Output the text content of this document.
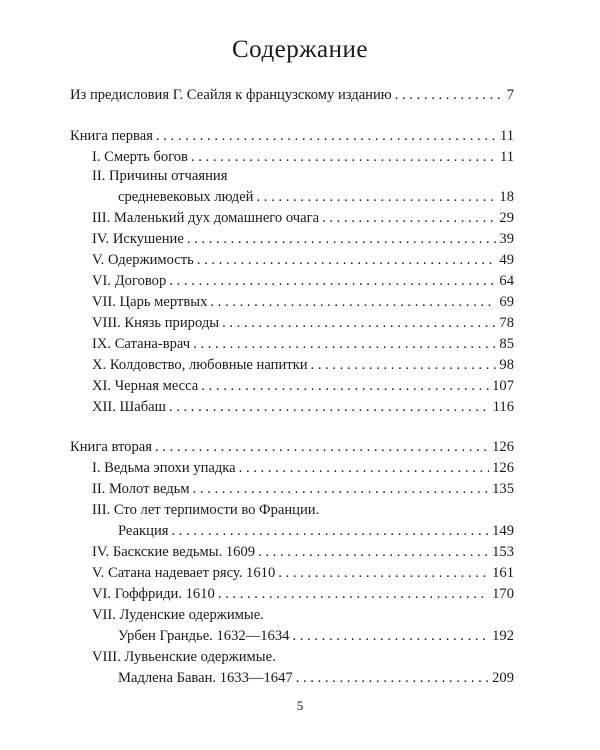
Содержание
Из предисловия Г. Сеайля к французскому изданию . . .	7
Книга первая . . .	11
I. Смерть богов . . .	11
II. Причины отчаяния
средневековых людей . . .	18
III. Маленький дух домашнего очага . . .	29
IV. Искушение . . .	39
V. Одержимость . . .	49
VI. Договор . . .	64
VII. Царь мертвых . . .	69
VIII. Князь природы . . .	78
IX. Сатана-врач . . .	85
X. Колдовство, любовные напитки . . .	98
XI. Черная месса . . .	107
XII. Шабаш . . .	116
Книга вторая . . .	126
I. Ведьма эпохи упадка . . .	126
II. Молот ведьм . . .	135
III. Сто лет терпимости во Франции.
Реакция . . .	149
IV. Баскские ведьмы. 1609 . . .	153
V. Сатана надевает рясу. 1610 . . .	161
VI. Гоффриди. 1610 . . .	170
VII. Луденские одержимые.
Урбен Грандье. 1632—1634 . . .	192
VIII. Лувьенские одержимые.
Мадлена Баван. 1633—1647 . . .	209
5
